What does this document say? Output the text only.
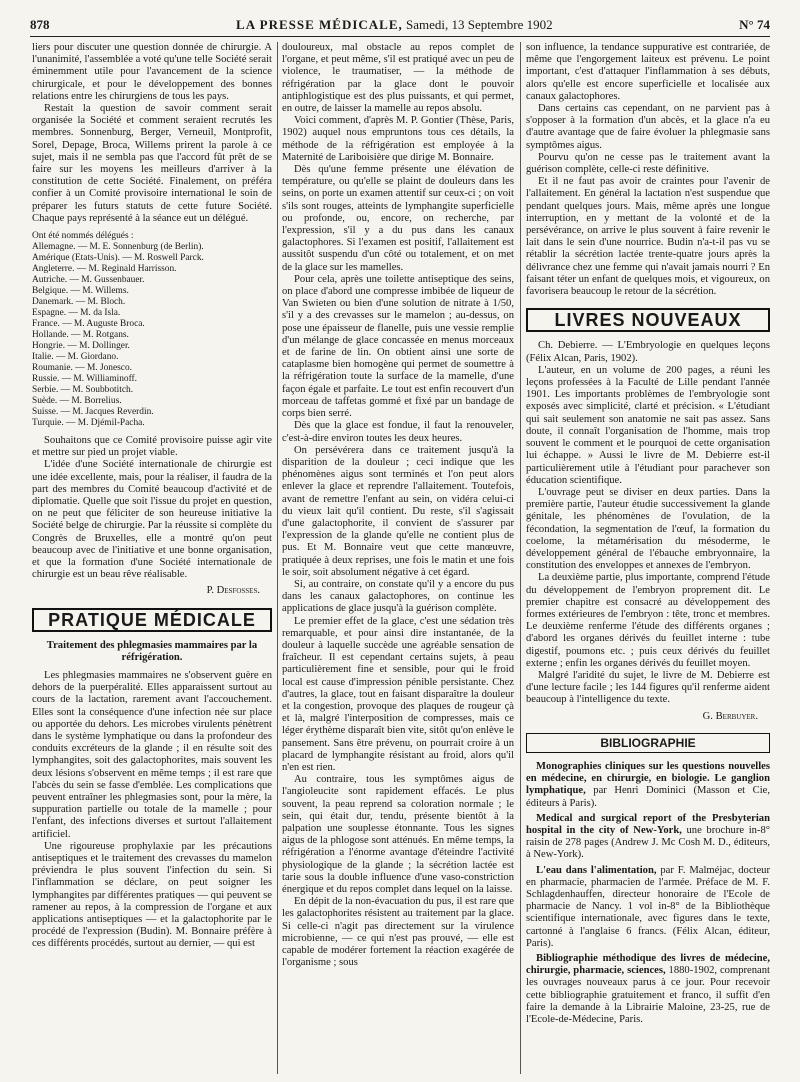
878	LA PRESSE MÉDICALE, Samedi, 13 Septembre 1902	N° 74

liers pour discuter une question donnée de chirurgie. A l'unanimité, l'assemblée a voté qu'une telle Société serait éminemment utile pour l'avancement de la science chirurgicale, et pour le développement des bonnes relations entre les chirurgiens de tous les pays.

Restait la question de savoir comment serait organisée la Société et comment seraient recrutés les membres. Sonnenburg, Berger, Verneuil, Montprofit, Sorel, Depage, Broca, Willems prirent la parole à ce sujet, mais il ne sembla pas que l'accord fût prêt de se faire sur les moyens les meilleurs d'arriver à la constitution de cette Société. Finalement, on préféra confier à un Comité provisoire international le soin de préparer les futurs statuts de cette future Société. Chaque pays représenté à la séance eut un délégué.

Ont été nommés délégués :
Allemagne. — M. E. Sonnenburg (de Berlin).
Amérique (Etats-Unis). — M. Roswell Parck.
Angleterre. — M. Reginald Harrisson.
Autriche. — M. Gussenbauer.
Belgique. — M. Willems.
Danemark. — M. Bloch.
Espagne. — M. da Isla.
France. — M. Auguste Broca.
Hollande. — M. Rotgans.
Hongrie. — M. Dollinger.
Italie. — M. Giordano.
Roumanie. — M. Jonesco.
Russie. — M. Williaminoff.
Serbie. — M. Soubbotitch.
Suède. — M. Borrelius.
Suisse. — M. Jacques Reverdin.
Turquie. — M. Djémil-Pacha.

Souhaitons que ce Comité provisoire puisse agir vite et mettre sur pied un projet viable.

L'idée d'une Société internationale de chirurgie est une idée excellente, mais, pour la réaliser, il faudra de la part des membres du Comité beaucoup d'activité et de diplomatie. Quelle que soit l'issue du projet en question, on ne peut que féliciter de son heureuse initiative la Société belge de chirurgie. Par la réussite si complète du Congrès de Bruxelles, elle a montré qu'on peut beaucoup avec de l'initiative et une bonne organisation, et que la formation d'une Société internationale de chirurgie est un beau rêve réalisable.

P. Desfosses.
PRATIQUE MÉDICALE
Traitement des phlegmasies mammaires par la réfrigération.

Les phlegmasies mammaires ne s'observent guère en dehors de la puerpéralité. Elles apparaissent surtout au cours de la lactation, rarement avant l'accouchement. Elles sont la conséquence d'une infection née sur place ou apportée du dehors. Les microbes virulents pénètrent dans le système lymphatique ou dans la profondeur des conduits excréteurs de la glande ; il en résulte soit des lymphangites, soit des galactophorites, mais souvent les deux lésions s'observent en même temps ; il est rare que l'abcès du sein se fasse d'emblée. Les complications que peuvent entraîner les phlegmasies sont, pour la mère, la suppuration partielle ou totale de la mamelle ; pour l'enfant, des infections diverses et surtout l'allaitement artificiel.

Une rigoureuse prophylaxie par les précautions antiseptiques et le traitement des crevasses du mamelon préviendra le plus souvent l'infection du sein. Si l'inflammation se déclare, on peut soigner les lymphangites par différentes pratiques — qui peuvent se ramener au repos, à la compression de l'organe et aux applications antiseptiques — et la galactophorite par le procédé de l'expression (Budin). M. Bonnaire préfère à ces différents procédés, surtout au dernier, — qui est

douloureux, mal obstacle au repos complet de l'organe, et peut même, s'il est pratiqué avec un peu de violence, le traumatiser, — la méthode de réfrigération par la glace dont le pouvoir antiphlogistique est des plus puissants, et qui permet, en outre, de laisser la mamelle au repos absolu.

Voici comment, d'après M. P. Gontier (Thèse, Paris, 1902) auquel nous empruntons tous ces détails, la méthode de la réfrigération est employée à la Maternité de Lariboisière que dirige M. Bonnaire.

Dès qu'une femme présente une élévation de température, ou qu'elle se plaint de douleurs dans les seins, on porte un examen attentif sur ceux-ci ; on voit s'ils sont rouges, atteints de lymphangite superficielle ou profonde, ou, encore, on recherche, par l'expression, s'il y a du pus dans les canaux galactophores. Si l'examen est positif, l'allaitement est aussitôt suspendu d'un côté ou totalement, et on met de la glace sur les mamelles.

Pour cela, après une toilette antiseptique des seins, on place d'abord une compresse imbibée de liqueur de Van Swieten ou bien d'une solution de nitrate à 1/50, s'il y a des crevasses sur le mamelon ; au-dessus, on pose une épaisseur de flanelle, puis une vessie remplie d'un mélange de glace concassée en menus morceaux et de farine de lin. On obtient ainsi une sorte de cataplasme bien homogène qui permet de soumettre à la réfrigération toute la surface de la mamelle, d'une façon égale et parfaite. Le tout est enfin recouvert d'un morceau de taffetas gommé et fixé par un bandage de corps bien serré.

Dès que la glace est fondue, il faut la renouveler, c'est-à-dire environ toutes les deux heures.

On persévérera dans ce traitement jusqu'à la disparition de la douleur ; ceci indique que les phénomènes aigus sont terminés et l'on peut alors enlever la glace et reprendre l'allaitement. Toutefois, avant de remettre l'enfant au sein, on vidéra celui-ci du vieux lait qu'il contient. Du reste, s'il s'agissait d'une galactophorite, il convient de s'assurer par l'expression de la glande qu'elle ne contient plus de pus. Et M. Bonnaire veut que cette manœuvre, pratiquée à deux reprises, une fois le matin et une fois le soir, soit absolument négative à cet égard.

Si, au contraire, on constate qu'il y a encore du pus dans les canaux galactophores, on continue les applications de glace jusqu'à la guérison complète.

Le premier effet de la glace, c'est une sédation très remarquable, et pour ainsi dire instantanée, de la douleur à laquelle succède une agréable sensation de fraîcheur. Il est cependant certains sujets, à peau particulièrement fine et sensible, pour qui le froid local est cause d'impression pénible persistante. Chez d'autres, la glace, tout en faisant disparaître la douleur et la congestion, provoque des plaques de rougeur çà et là, malgré l'interposition de compresses, mais ce léger érythème disparaît bien vite, sitôt qu'on enlève le pansement. Sans être prévenu, on pourrait croire à un placard de lymphangite résistant au froid, alors qu'il n'en est rien.

Au contraire, tous les symptômes aigus de l'angioleucite sont rapidement effacés. Le plus souvent, la peau reprend sa coloration normale ; le sein, qui était dur, tendu, présente bientôt à la palpation une souplesse étonnante. Tous les signes aigus de la phlogose sont atténués. En même temps, la réfrigération a l'énorme avantage d'éteindre l'activité physiologique de la glande ; la sécrétion lactée est tarie sous la double influence d'une vaso-constriction énergique et du repos complet dans lequel on la laisse.

En dépit de la non-évacuation du pus, il est rare que les galactophorites résistent au traitement par la glace. Si celle-ci n'agit pas directement sur la virulence microbienne, — ce qui n'est pas prouvé, — elle est capable de modérer fortement la réaction exagérée de l'organisme ; sous

son influence, la tendance suppurative est contrariée, de même que l'engorgement laiteux est prévenu. Le point important, c'est d'attaquer l'inflammation à ses débuts, alors qu'elle est encore superficielle et localisée aux canaux galactophores.

Dans certains cas cependant, on ne parvient pas à s'opposer à la formation d'un abcès, et la glace n'a eu d'autre avantage que de faire évoluer la phlegmasie sans symptômes aigus.

Pourvu qu'on ne cesse pas le traitement avant la guérison complète, celle-ci reste définitive.

Et il ne faut pas avoir de craintes pour l'avenir de l'allaitement. En général la lactation n'est suspendue que pendant quelques jours. Mais, même après une longue interruption, en y mettant de la volonté et de la persévérance, on arrive le plus souvent à faire revenir le lait dans le sein d'une nourrice. Budin n'a-t-il pas vu se rétablir la sécrétion lactée trente-quatre jours après la délivrance chez une femme qui n'avait jamais nourri ? En faisant téter un enfant de quelques mois, et vigoureux, on favorisera beaucoup le retour de la sécrétion.

LIVRES NOUVEAUX

Ch. Debierre. — L'Embryologie en quelques leçons (Félix Alcan, Paris, 1902).

L'auteur, en un volume de 200 pages, a réuni les leçons professées à la Faculté de Lille pendant l'année 1901. Les importants problèmes de l'embryologie sont exposés avec simplicité, clarté et précision. « L'étudiant qui sait seulement son anatomie ne sait pas assez. Sans doute, il connaît l'organisation de l'homme, mais trop souvent le comment et le pourquoi de cette organisation lui échappe. » Aussi le livre de M. Debierre est-il particulièrement utile à l'étudiant pour parachever son éducation scientifique.

L'ouvrage peut se diviser en deux parties. Dans la première partie, l'auteur étudie successivement la glande génitale, les phénomènes de l'ovulation, de la fécondation, la segmentation de l'œuf, la formation du coelome, la métamérisation du mésoderme, le développement général de l'ébauche embryonnaire, la constitution des enveloppes et annexes de l'embryon.

La deuxième partie, plus importante, comprend l'étude du développement de l'embryon proprement dit. Le premier chapitre est consacré au développement des formes extérieures de l'embryon : tête, tronc et membres. Le deuxième renferme l'étude des différents organes ; d'abord les organes dérivés du feuillet interne : tube digestif, poumons etc. ; puis ceux dérivés du feuillet externe ; enfin les organes dérivés du feuillet moyen.

Malgré l'aridité du sujet, le livre de M. Debierre est d'une lecture facile ; les 144 figures qu'il renferme aident beaucoup à l'intelligence du texte.

G. Berbuyer.
BIBLIOGRAPHIE

Monographies cliniques sur les questions nouvelles en médecine, en chirurgie, en biologie. Le ganglion lymphatique, par Henri Dominici (Masson et Cie, éditeurs à Paris).

Medical and surgical report of the Presbyterian hospital in the city of New-York, une brochure in-8° raisin de 278 pages (Andrew J. Mc Cosh M. D., éditeurs, à New-York).

L'eau dans l'alimentation, par F. Malméjac, docteur en pharmacie, pharmacien de l'armée. Préface de M. F. Schlagdenhauffen, directeur honoraire de l'Ecole de pharmacie de Nancy. 1 vol in-8° de la Bibliothèque scientifique internationale, avec figures dans le texte, cartonné à l'anglaise 6 francs. (Félix Alcan, éditeur, Paris).

Bibliographie méthodique des livres de médecine, chirurgie, pharmacie, sciences, 1880-1902, comprenant les ouvrages nouveaux parus à ce jour. Pour recevoir cette bibliographie gratuitement et franco, il suffit d'en faire la demande à la Librairie Maloine, 23-25, rue de l'Ecole-de-Médecine, Paris.
